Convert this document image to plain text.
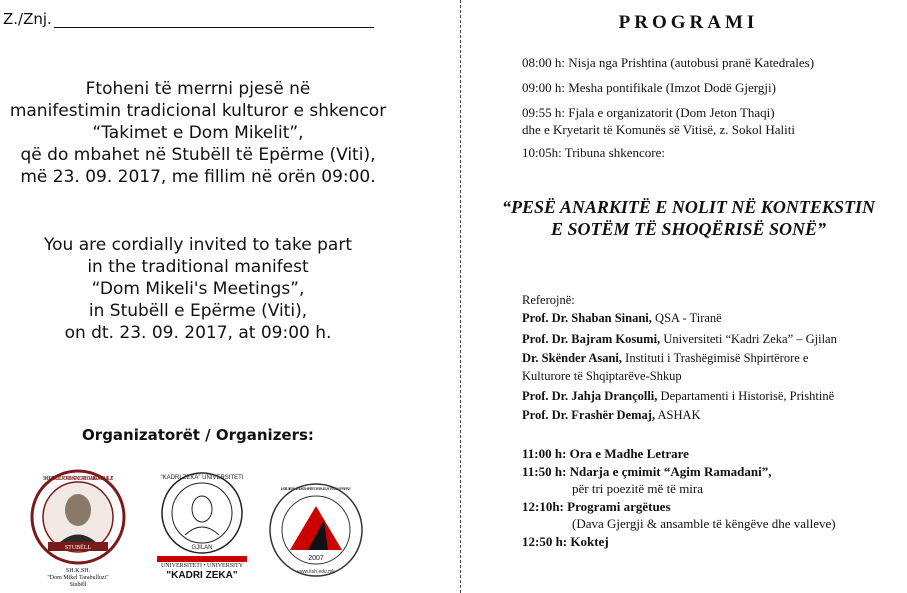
Z./Znj.
Ftoheni të merrni pjesë në
manifestimin tradicional kulturor e shkencor
“Takimet e Dom Mikelit”,
që do mbahet në Stubëll të Epërme (Viti),
më 23. 09. 2017, me fillim në orën 09:00.
You are cordially invited to take part
in the traditional manifest
“Dom Mikeli's Meetings”,
in Stubëll e Epërme (Viti),
on dt. 23. 09. 2017, at 09:00 h.
Organizatorët / Organizers:
STUBËLL
SHOQATA KULTURORE SHKENCORE "DOM MIKEL TARABULLUZI"
SH.K.SH.
"Dom Mikel Tarabulluzi"
Stubëll
"KADRI ZEKA" UNIVERSITETI
GJILAN
UNIVERSITETI • UNIVERSITY
"KADRI ZEKA"
2007
INSTITUTI I TRASHËGIMISË SHPIRTËRORE E KULTURORE TË SHQIPTARËVE
www.itsh.edu.mk
PROGRAMI
08:00 h: Nisja nga Prishtina (autobusi pranë Katedrales)
09:00 h: Mesha pontifikale (Imzot Dodë Gjergji)
09:55 h: Fjala e organizatorit (Dom Jeton Thaqi)
dhe e Kryetarit të Komunës së Vitisë, z. Sokol Haliti
10:05h: Tribuna shkencore:
“PESË ANARKITË E NOLIT NË KONTEKSTIN
E SOTËM TË SHOQËRISË SONË”
Referojnë:
Prof. Dr. Shaban Sinani, QSA - Tiranë
Prof. Dr. Bajram Kosumi, Universiteti “Kadri Zeka” – Gjilan
Dr. Skënder Asani, Instituti i Trashëgimisë Shpirtërore e
Kulturore të Shqiptarëve-Shkup
Prof. Dr. Jahja Drançolli, Departamenti i Historisë, Prishtinë
Prof. Dr. Frashër Demaj, ASHAK
11:00 h: Ora e Madhe Letrare
11:50 h: Ndarja e çmimit “Agim Ramadani”,
për tri poezitë më të mira
12:10h: Programi argëtues
(Dava Gjergji & ansamble të këngëve dhe valleve)
12:50 h: Koktej
